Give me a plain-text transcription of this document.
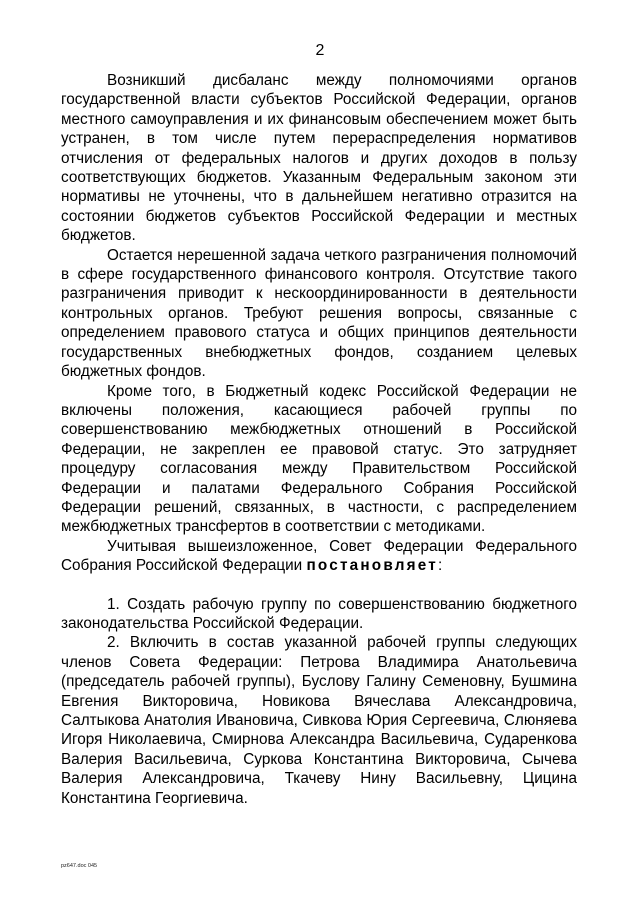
2

Возникший дисбаланс между полномочиями органов государственной власти субъектов Российской Федерации, органов местного самоуправления и их финансовым обеспечением может быть устранен, в том числе путем перераспределения нормативов отчисления от федеральных налогов и других доходов в пользу соответствующих бюджетов. Указанным Федеральным законом эти нормативы не уточнены, что в дальнейшем негативно отразится на состоянии бюджетов субъектов Российской Федерации и местных бюджетов.

Остается нерешенной задача четкого разграничения полномочий в сфере государственного финансового контроля. Отсутствие такого разграничения приводит к нескоординированности в деятельности контрольных органов. Требуют решения вопросы, связанные с определением правового статуса и общих принципов деятельности государственных внебюджетных фондов, созданием целевых бюджетных фондов.

Кроме того, в Бюджетный кодекс Российской Федерации не включены положения, касающиеся рабочей группы по совершенствованию межбюджетных отношений в Российской Федерации, не закреплен ее правовой статус. Это затрудняет процедуру согласования между Правительством Российской Федерации и палатами Федерального Собрания Российской Федерации решений, связанных, в частности, с распределением межбюджетных трансфертов в соответствии с методиками.

Учитывая вышеизложенное, Совет Федерации Федерального Собрания Российской Федерации постановляет:

1. Создать рабочую группу по совершенствованию бюджетного законодательства Российской Федерации.

2. Включить в состав указанной рабочей группы следующих членов Совета Федерации: Петрова Владимира Анатольевича (председатель рабочей группы), Буслову Галину Семеновну, Бушмина Евгения Викторовича, Новикова Вячеслава Александровича, Салтыкова Анатолия Ивановича, Сивкова Юрия Сергеевича, Слюняева Игоря Николаевича, Смирнова Александра Васильевича, Сударенкова Валерия Васильевича, Суркова Константина Викторовича, Сычева Валерия Александровича, Ткачеву Нину Васильевну, Цицина Константина Георгиевича.

pz647.doc 045
